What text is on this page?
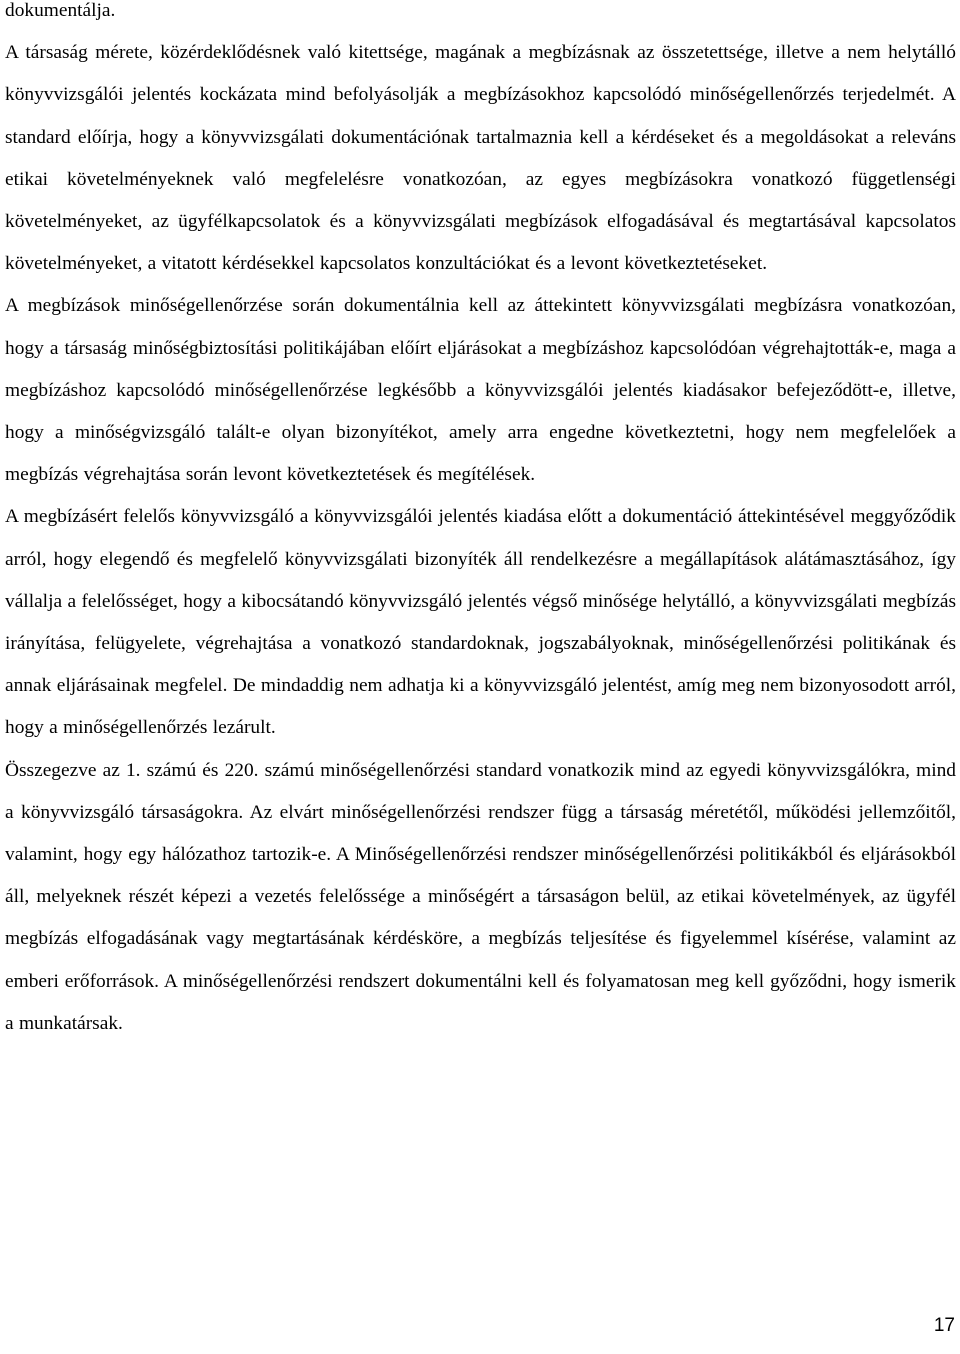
dokumentálja.

A társaság mérete, közérdeklődésnek való kitettsége, magának a megbízásnak az összetettsége, illetve a nem helytálló könyvvizsgálói jelentés kockázata mind befolyásolják a megbízásokhoz kapcsolódó minőségellenőrzés terjedelmét. A standard előírja, hogy a könyvvizsgálati dokumentációnak tartalmaznia kell a kérdéseket és a megoldásokat a releváns etikai követelményeknek való megfelelésre vonatkozóan, az egyes megbízásokra vonatkozó függetlenségi követelményeket, az ügyfélkapcsolatok és a könyvvizsgálati megbízások elfogadásával és megtartásával kapcsolatos követelményeket, a vitatott kérdésekkel kapcsolatos konzultációkat és a levont következtetéseket.

A megbízások minőségellenőrzése során dokumentálnia kell az áttekintett könyvvizsgálati megbízásra vonatkozóan, hogy a társaság minőségbiztosítási politikájában előírt eljárásokat a megbízáshoz kapcsolódóan végrehajtották-e, maga a megbízáshoz kapcsolódó minőségellenőrzése legkésőbb a könyvvizsgálói jelentés kiadásakor befejeződött-e, illetve, hogy a minőségvizsgáló talált-e olyan bizonyítékot, amely arra engedne következtetni, hogy nem megfelelőek a megbízás végrehajtása során levont következtetések és megítélések.

A megbízásért felelős könyvvizsgáló a könyvvizsgálói jelentés kiadása előtt a dokumentáció áttekintésével meggyőződik arról, hogy elegendő és megfelelő könyvvizsgálati bizonyíték áll rendelkezésre a megállapítások alátámasztásához, így vállalja a felelősséget, hogy a kibocsátandó könyvvizsgáló jelentés végső minősége helytálló, a könyvvizsgálati megbízás irányítása, felügyelete, végrehajtása a vonatkozó standardoknak, jogszabályoknak, minőségellenőrzési politikának és annak eljárásainak megfelel. De mindaddig nem adhatja ki a könyvvizsgáló jelentést, amíg meg nem bizonyosodott arról, hogy a minőségellenőrzés lezárult.

Összegezve az 1. számú és 220. számú minőségellenőrzési standard vonatkozik mind az egyedi könyvvizsgálókra, mind a könyvvizsgáló társaságokra. Az elvárt minőségellenőrzési rendszer függ a társaság méretétől, működési jellemzőitől, valamint, hogy egy hálózathoz tartozik-e. A Minőségellenőrzési rendszer minőségellenőrzési politikákból és eljárásokból áll, melyeknek részét képezi a vezetés felelőssége a minőségért a társaságon belül, az etikai követelmények, az ügyfél megbízás elfogadásának vagy megtartásának kérdésköre, a megbízás teljesítése és figyelemmel kísérése, valamint az emberi erőforrások. A minőségellenőrzési rendszert dokumentálni kell és folyamatosan meg kell győződni, hogy ismerik a munkatársak.

17
